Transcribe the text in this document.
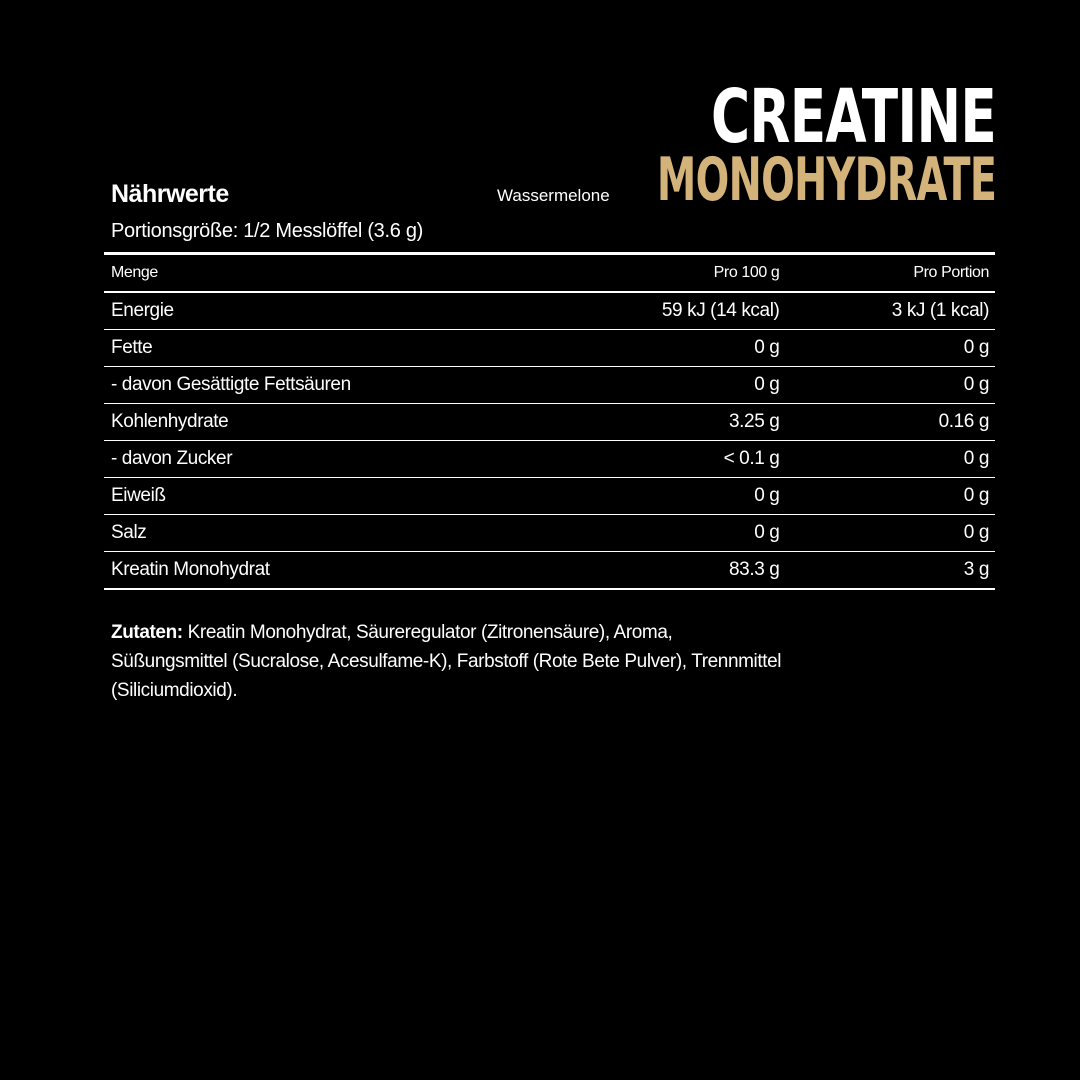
CREATINE
Wassermelone MONOHYDRATE
Nährwerte
Portionsgröße: 1/2 Messlöffel (3.6 g)
Menge	Pro 100 g	Pro Portion
Energie	59 kJ (14 kcal)	3 kJ (1 kcal)
Fette	0 g	0 g
- davon Gesättigte Fettsäuren	0 g	0 g
Kohlenhydrate	3.25 g	0.16 g
- davon Zucker	< 0.1 g	0 g
Eiweiß	0 g	0 g
Salz	0 g	0 g
Kreatin Monohydrat	83.3 g	3 g
Zutaten: Kreatin Monohydrat, Säureregulator (Zitronensäure), Aroma, Süßungsmittel (Sucralose, Acesulfame-K), Farbstoff (Rote Bete Pulver), Trennmittel (Siliciumdioxid).
